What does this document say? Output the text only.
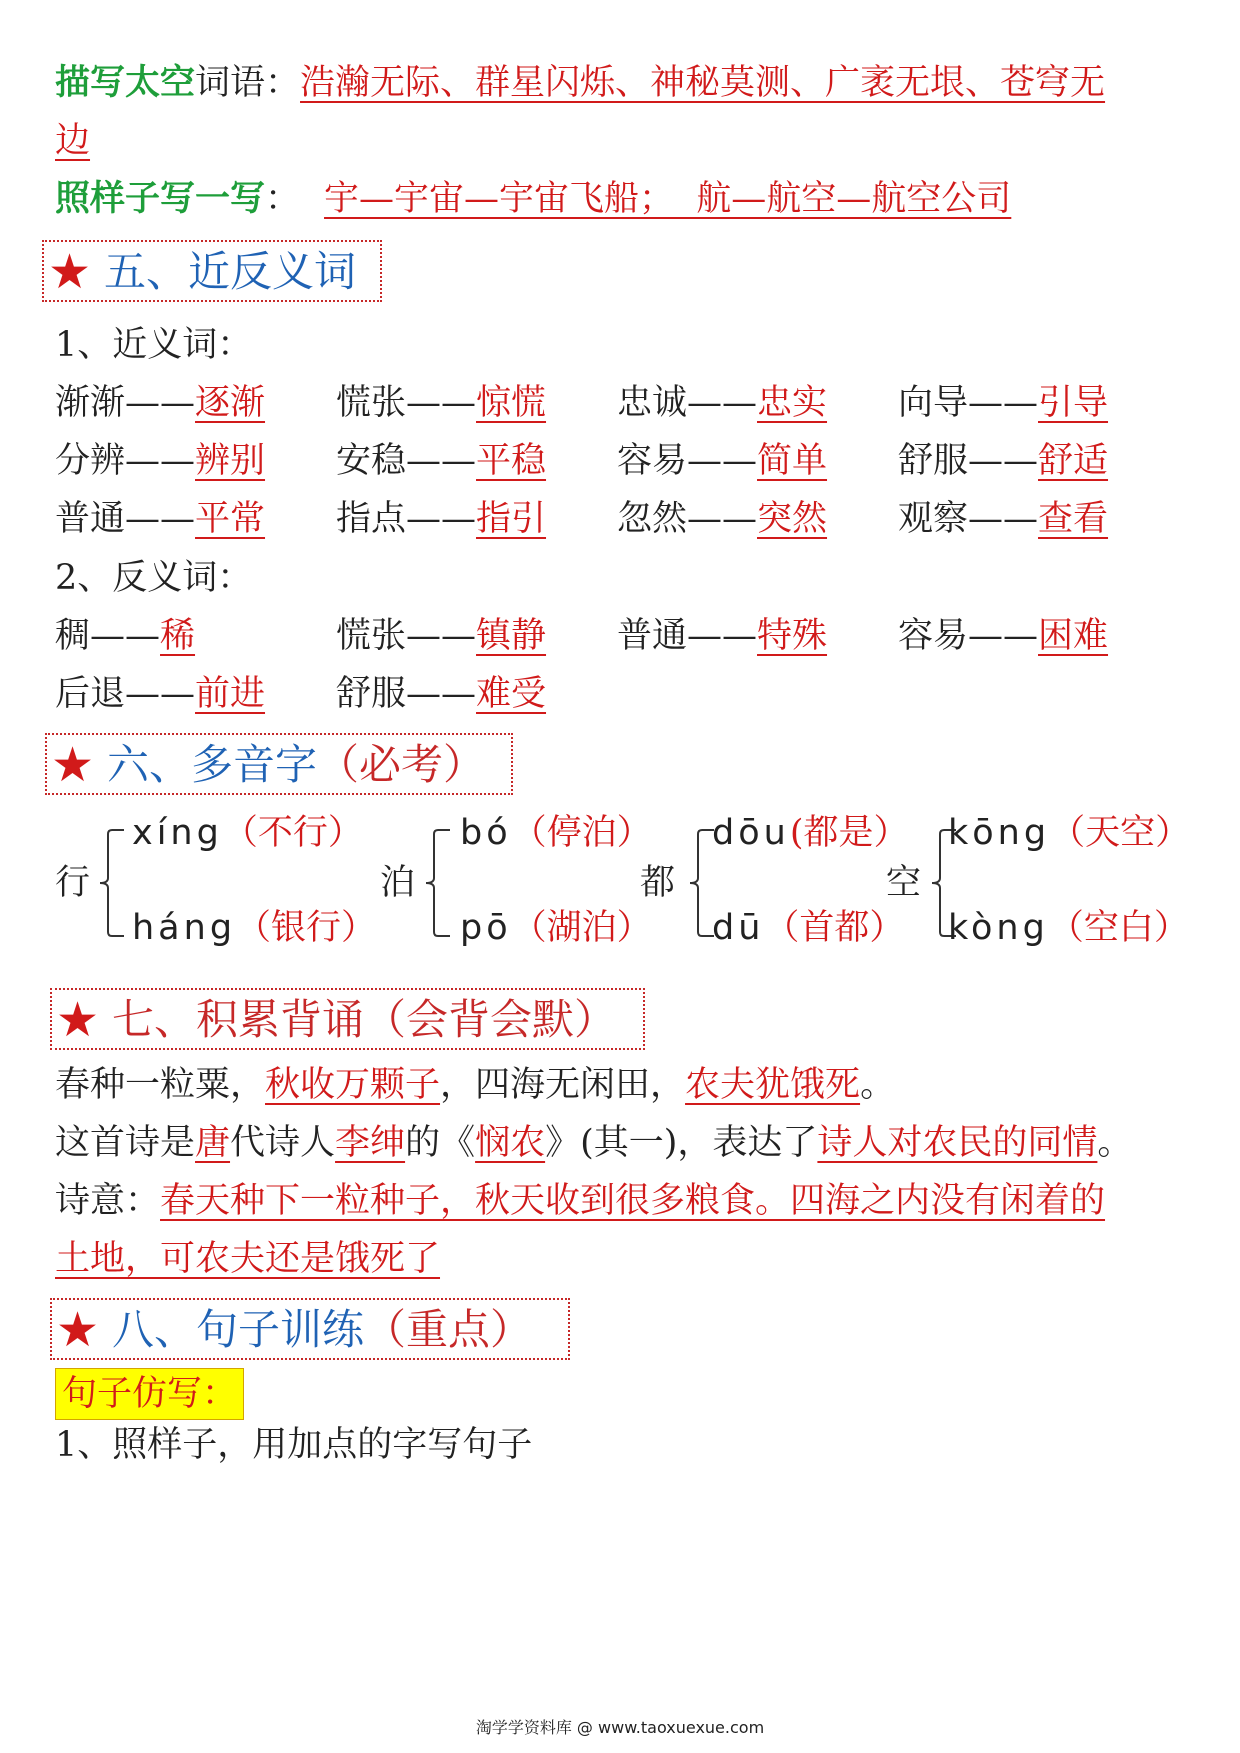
描写太空词语：浩瀚无际、群星闪烁、神秘莫测、广袤无垠、苍穹无
边
照样子写一写： 宇—宇宙—宇宙飞船；  航—航空—航空公司
★ 五、近反义词
1、近义词：
渐渐——逐渐 慌张——惊慌 忠诚——忠实 向导——引导
分辨——辨别 安稳——平稳 容易——简单 舒服——舒适
普通——平常 指点——指引 忽然——突然 观察——查看
2、反义词：
稠——稀	慌张——镇静 普通——特殊 容易——困难
后退——前进 舒服——难受
★ 六、多音字（必考）
行
xíng（不行）
háng（银行）
泊
bó（停泊）
pō（湖泊）
都
dōu(都是）
dū（首都）
空
kōng（天空）
kòng（空白）
★ 七、积累背诵（会背会默）
春种一粒粟，秋收万颗子，四海无闲田，农夫犹饿死。
这首诗是唐代诗人李绅的《悯农》(其一)，表达了诗人对农民的同情。
诗意：春天种下一粒种子，秋天收到很多粮食。四海之内没有闲着的
土地，可农夫还是饿死了
★ 八、句子训练（重点）
句子仿写：
1、照样子，用加点的字写句子
淘学学资料库 @ www.taoxuexue.com
